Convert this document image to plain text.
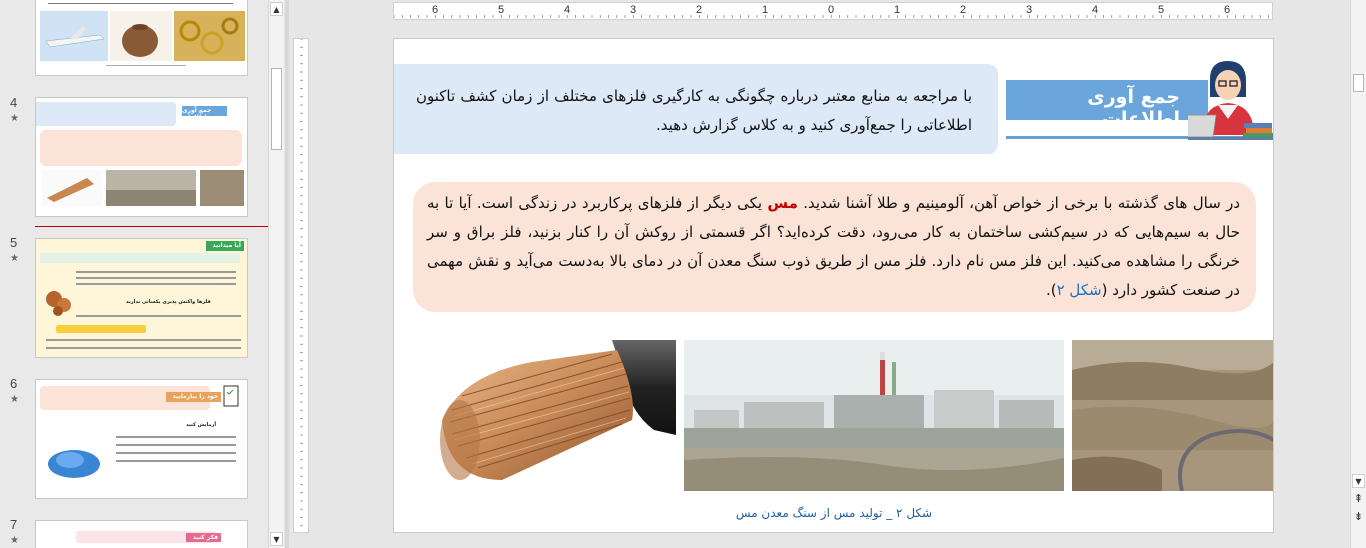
4
★
جمع آوری اطلاعات
5
★
آیا میدانید
فلزها واکنش پذیری یکسانی ندارند
6
★	خود را بیازمایید
آزمایش کنید
7
★	فکر کنید
▲
▼
6	5	4	3	2	1	0	1	2	3	4	5	6
با مراجعه به منابع معتبر درباره چگونگی به کارگیری فلزهای مختلف از زمان کشف تاکنون اطلاعاتی را جمع‌آوری کنید و به کلاس گزارش دهید.
جمع آوری اطلاعات
در سال های گذشته با برخی از خواص آهن، آلومینیم و طلا آشنا شدید. مس یکی دیگر از فلزهای پرکاربرد در زندگی است. آیا تا به حال به سیم‌هایی که در سیم‌کشی ساختمان به کار می‌رود، دقت کرده‌اید؟ اگر قسمتی از روکش آن را کنار بزنید، فلز براق و سر خرنگی را مشاهده می‌کنید. این فلز مس نام دارد. فلز مس از طریق ذوب سنگ معدن آن در دمای بالا به‌دست می‌آید و نقش مهمی در صنعت کشور دارد (شکل ۲).
شکل ۲ _ تولید مس از سنگ معدن مس
▼
⇞
⇟
